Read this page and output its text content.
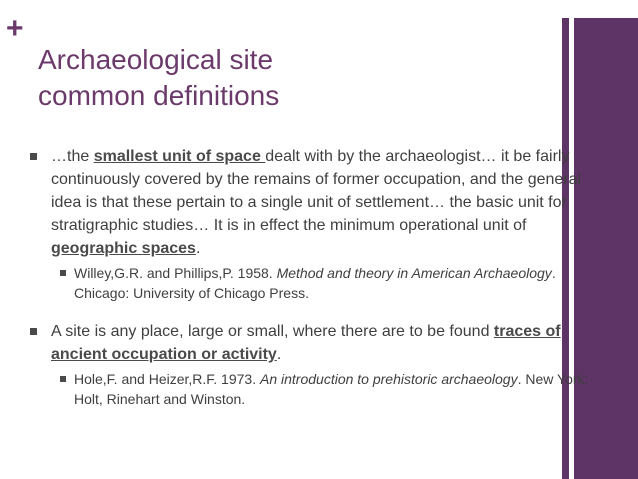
+
Archaeological site
common definitions
…the smallest unit of space dealt with by the archaeologist… it be fairly continuously covered by the remains of former occupation, and the general idea is that these pertain to a single unit of settlement… the basic unit for stratigraphic studies… It is in effect the minimum operational unit of geographic spaces.
Willey,G.R. and Phillips,P. 1958. Method and theory in American Archaeology. Chicago: University of Chicago Press.
A site is any place, large or small, where there are to be found traces of ancient occupation or activity.
Hole,F. and Heizer,R.F. 1973. An introduction to prehistoric archaeology. New York: Holt, Rinehart and Winston.
